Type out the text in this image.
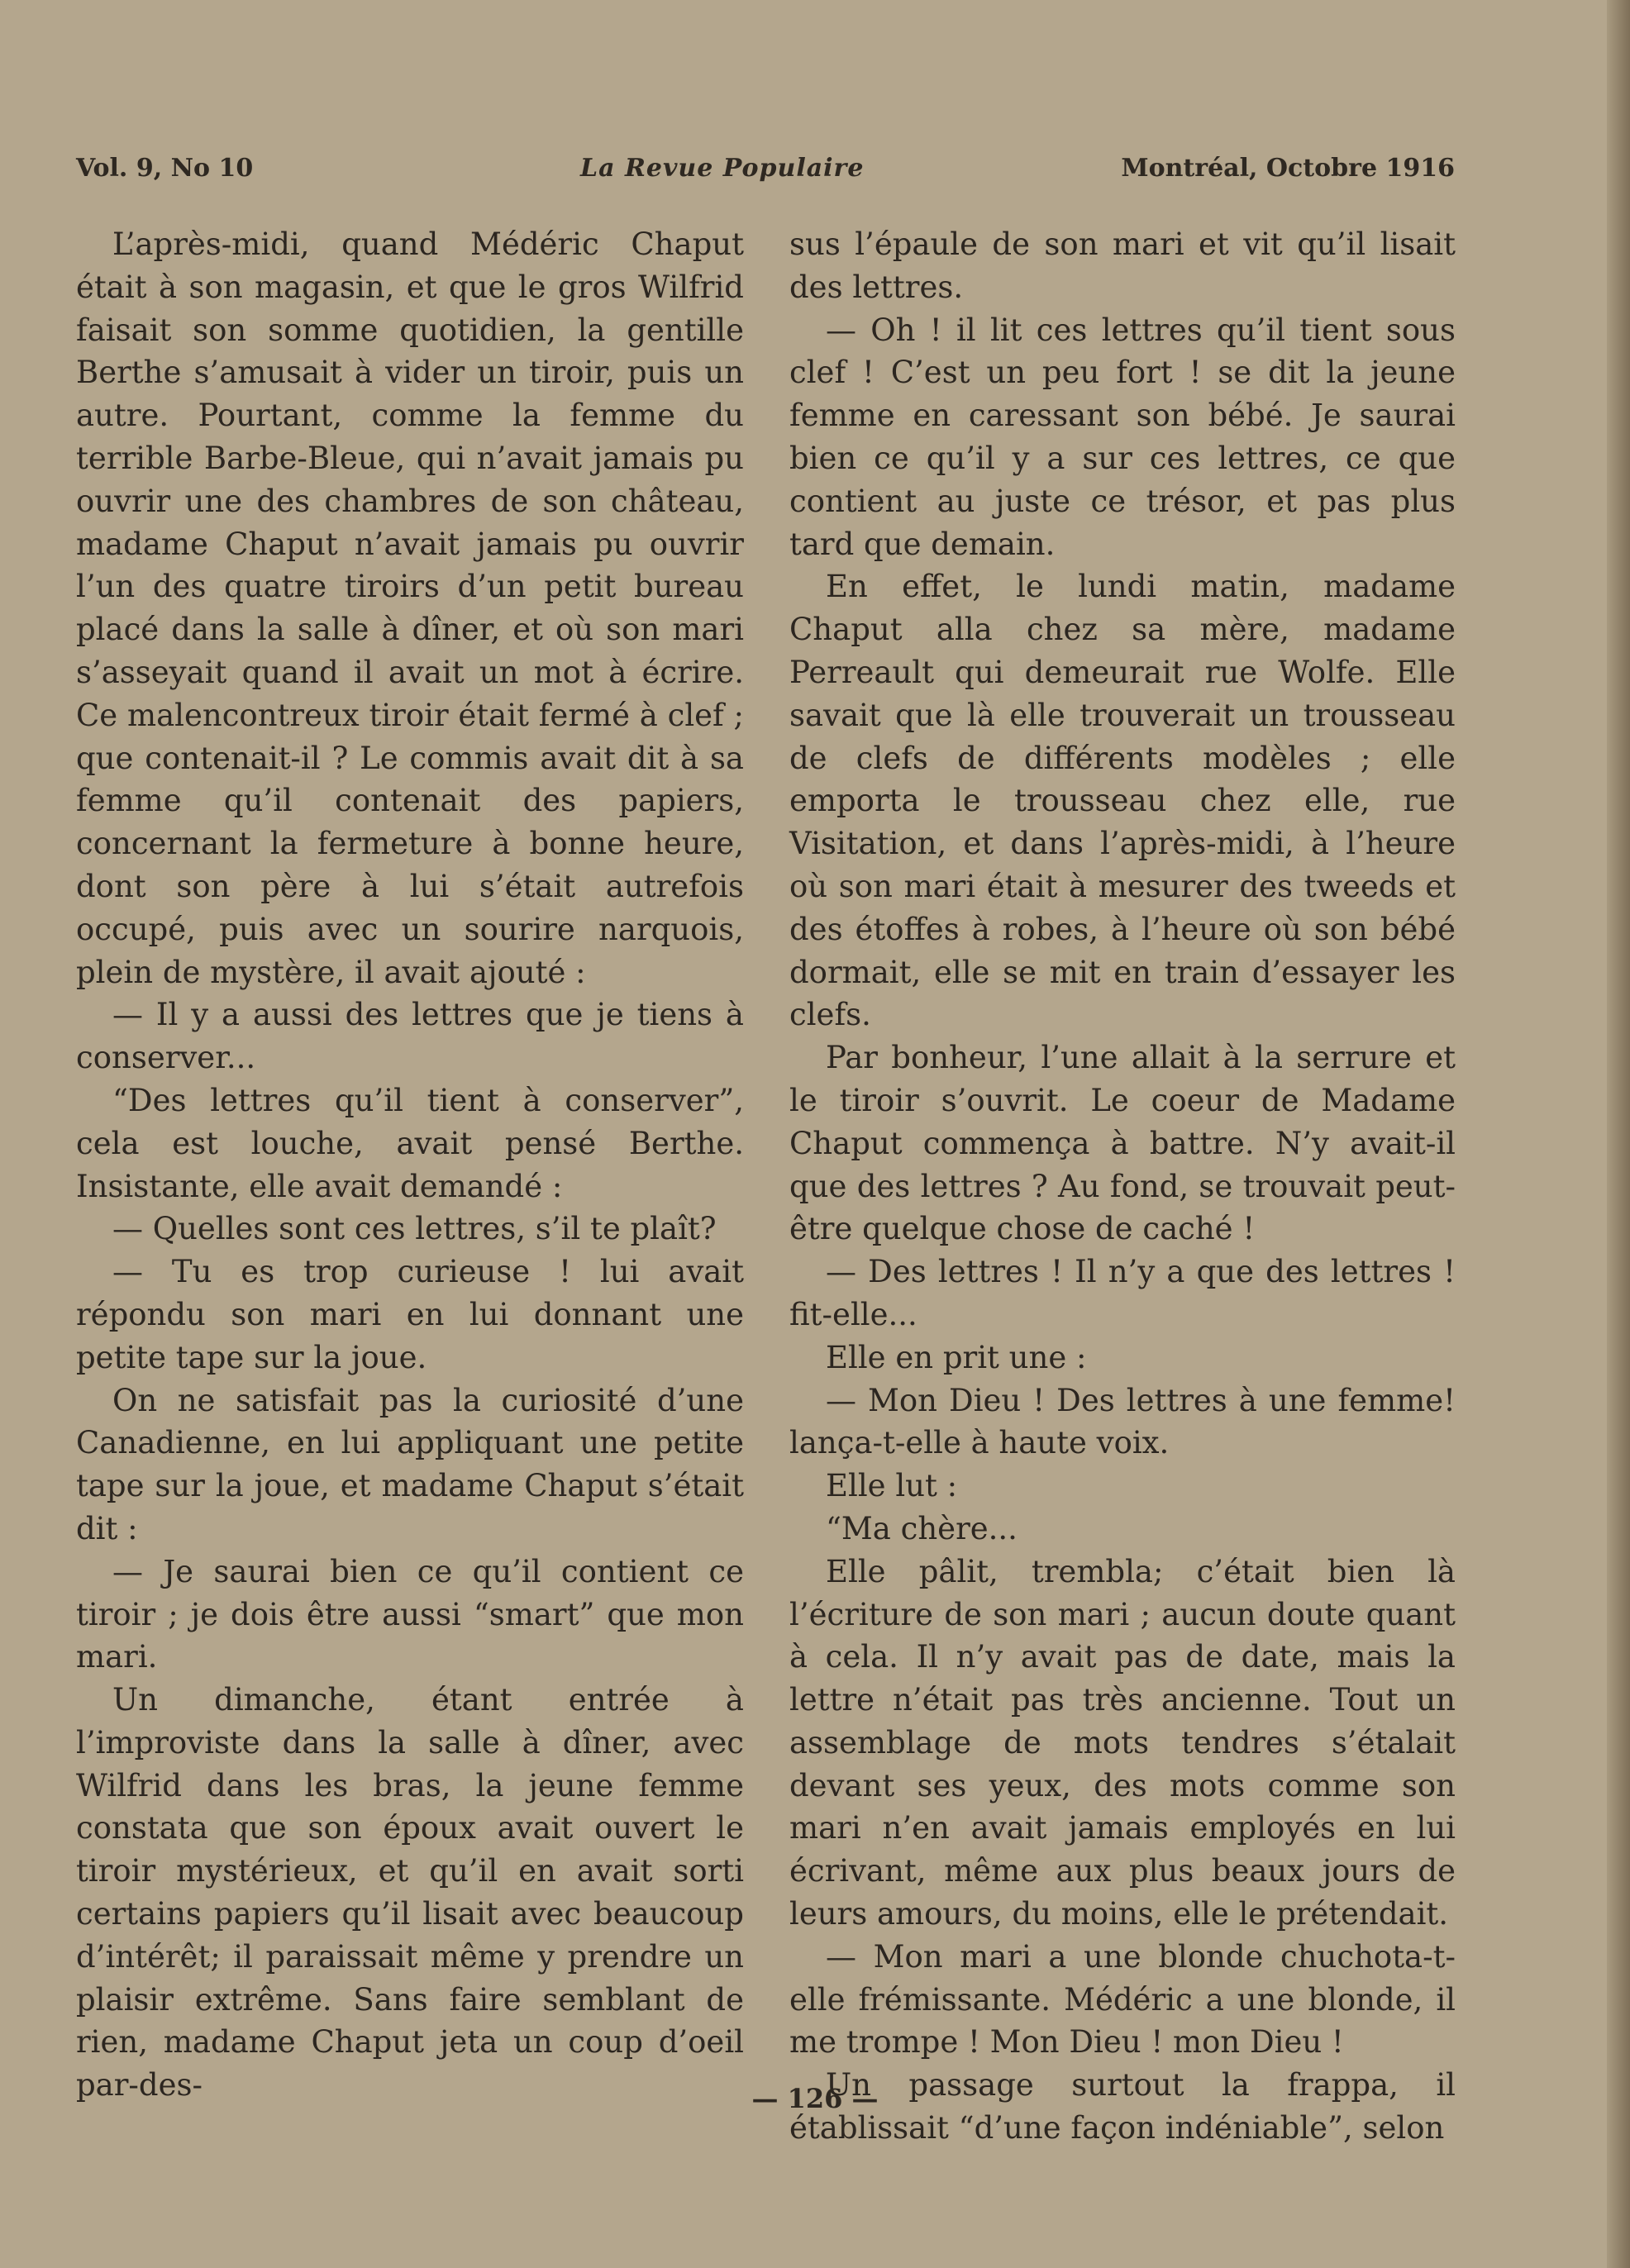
Vol. 9, No 10	La Revue Populaire	Montréal, Octobre 1916

L’après-midi, quand Médéric Chaput était à son magasin, et que le gros Wilfrid faisait son somme quotidien, la gentille Berthe s’amusait à vider un tiroir, puis un autre. Pourtant, comme la femme du terrible Barbe-Bleue, qui n’avait jamais pu ouvrir une des chambres de son château, madame Chaput n’avait jamais pu ouvrir l’un des quatre tiroirs d’un petit bureau placé dans la salle à dîner, et où son mari s’asseyait quand il avait un mot à écrire. Ce malencontreux tiroir était fermé à clef ; que contenait-il ? Le commis avait dit à sa femme qu’il contenait des papiers, concernant la fermeture à bonne heure, dont son père à lui s’était autrefois occupé, puis avec un sourire narquois, plein de mystère, il avait ajouté :

— Il y a aussi des lettres que je tiens à conserver...

“Des lettres qu’il tient à conserver”, cela est louche, avait pensé Berthe. Insistante, elle avait demandé :

— Quelles sont ces lettres, s’il te plaît?

— Tu es trop curieuse ! lui avait répondu son mari en lui donnant une petite tape sur la joue.

On ne satisfait pas la curiosité d’une Canadienne, en lui appliquant une petite tape sur la joue, et madame Chaput s’était dit :

— Je saurai bien ce qu’il contient ce tiroir ; je dois être aussi “smart” que mon mari.

Un dimanche, étant entrée à l’improviste dans la salle à dîner, avec Wilfrid dans les bras, la jeune femme constata que son époux avait ouvert le tiroir mystérieux, et qu’il en avait sorti certains papiers qu’il lisait avec beaucoup d’intérêt; il paraissait même y prendre un plaisir extrême. Sans faire semblant de rien, madame Chaput jeta un coup d’oeil par-des-

sus l’épaule de son mari et vit qu’il lisait des lettres.

— Oh ! il lit ces lettres qu’il tient sous clef ! C’est un peu fort ! se dit la jeune femme en caressant son bébé. Je saurai bien ce qu’il y a sur ces lettres, ce que contient au juste ce trésor, et pas plus tard que demain.

En effet, le lundi matin, madame Chaput alla chez sa mère, madame Perreault qui demeurait rue Wolfe. Elle savait que là elle trouverait un trousseau de clefs de différents modèles ; elle emporta le trousseau chez elle, rue Visitation, et dans l’après-midi, à l’heure où son mari était à mesurer des tweeds et des étoffes à robes, à l’heure où son bébé dormait, elle se mit en train d’essayer les clefs.

Par bonheur, l’une allait à la serrure et le tiroir s’ouvrit. Le coeur de Madame Chaput commença à battre. N’y avait-il que des lettres ? Au fond, se trouvait peut-être quelque chose de caché !

— Des lettres ! Il n’y a que des lettres ! fit-elle...

Elle en prit une :

— Mon Dieu ! Des lettres à une femme! lança-t-elle à haute voix.

Elle lut :

“Ma chère...

Elle pâlit, trembla; c’était bien là l’écriture de son mari ; aucun doute quant à cela. Il n’y avait pas de date, mais la lettre n’était pas très ancienne. Tout un assemblage de mots tendres s’étalait devant ses yeux, des mots comme son mari n’en avait jamais employés en lui écrivant, même aux plus beaux jours de leurs amours, du moins, elle le prétendait.

— Mon mari a une blonde chuchota-t-elle frémissante. Médéric a une blonde, il me trompe ! Mon Dieu ! mon Dieu !

Un passage surtout la frappa, il établissait “d’une façon indéniable”, selon

— 126 —
